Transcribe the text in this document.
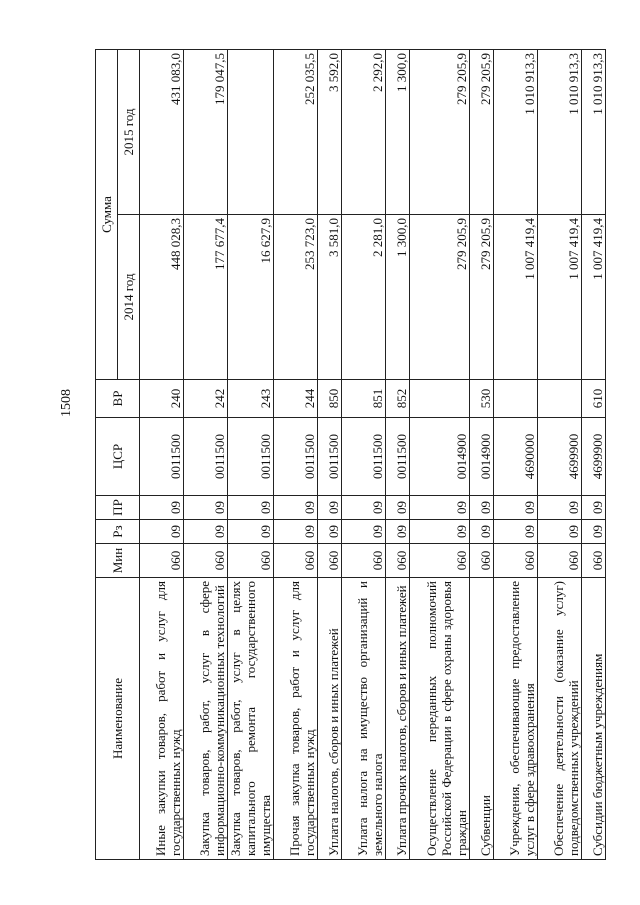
1508
Наименование	Мин	Рз	ПР	ЦСР	ВР	Сумма	
						2014 год	2015 год
Иные закупки товаров, работ и услуг для государственных нужд	060	09	09	0011500	240	448 028,3	431 083,0
Закупка товаров, работ, услуг в сфере информационно-коммуникационных технологий	060	09	09	0011500	242	177 677,4	179 047,5
Закупка товаров, работ, услуг в целях капитального ремонта государственного имущества	060	09	09	0011500	243	16 627,9	
Прочая закупка товаров, работ и услуг для государственных нужд	060	09	09	0011500	244	253 723,0	252 035,5
Уплата налогов, сборов и иных платежей	060	09	09	0011500	850	3 581,0	3 592,0
Уплата налога на имущество организаций и земельного налога	060	09	09	0011500	851	2 281,0	2 292,0
Уплата прочих налогов, сборов и иных платежей	060	09	09	0011500	852	1 300,0	1 300,0
Осуществление переданных полномочий Российской Федерации в сфере охраны здоровья граждан	060	09	09	0014900		279 205,9	279 205,9
Субвенции	060	09	09	0014900	530	279 205,9	279 205,9
Учреждения, обеспечивающие предоставление услуг в сфере здравоохранения	060	09	09	4690000		1 007 419,4	1 010 913,3
Обеспечение деятельности (оказание услуг) подведомственных учреждений	060	09	09	4699900		1 007 419,4	1 010 913,3
Субсидии бюджетным учреждениям	060	09	09	4699900	610	1 007 419,4	1 010 913,3
